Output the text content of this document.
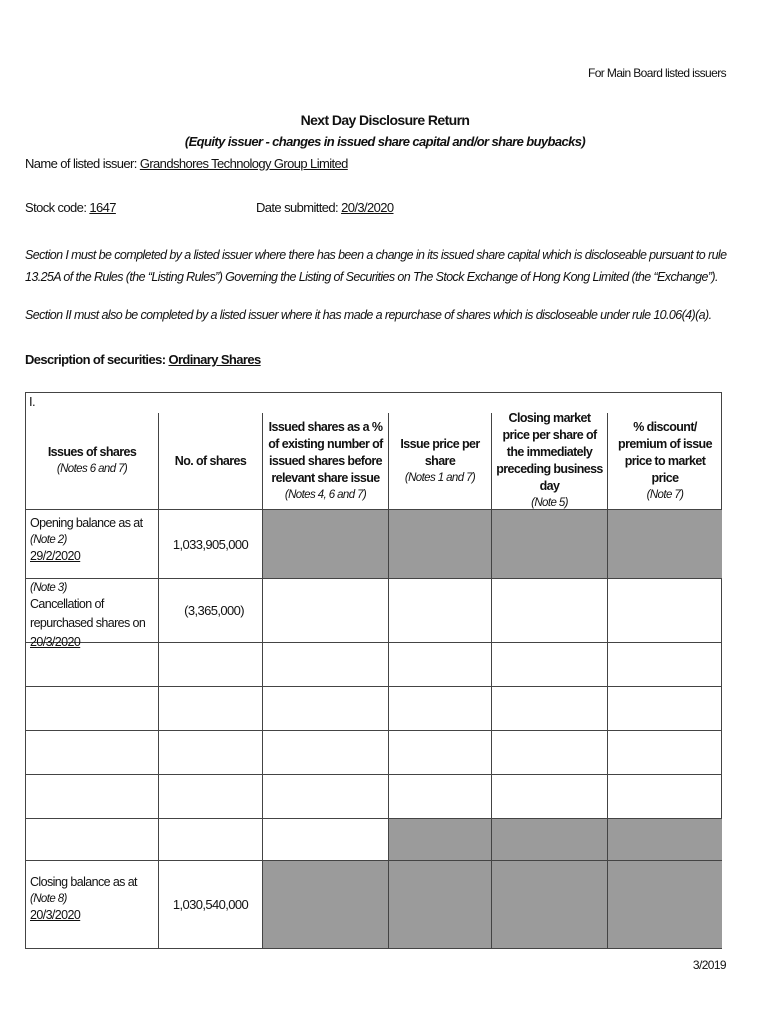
For Main Board listed issuers
Next Day Disclosure Return
(Equity issuer - changes in issued share capital and/or share buybacks)
Name of listed issuer: Grandshores Technology Group Limited
Stock code: 1647	Date submitted: 20/3/2020
Section I must be completed by a listed issuer where there has been a change in its issued share capital which is discloseable pursuant to rule 13.25A of the Rules (the “Listing Rules”) Governing the Listing of Securities on The Stock Exchange of Hong Kong Limited (the “Exchange”).
Section II must also be completed by a listed issuer where it has made a repurchase of shares which is discloseable under rule 10.06(4)(a).
Description of securities: Ordinary Shares
I.
Issues of shares
(Notes 6 and 7)
No. of shares
Issued shares as a % of existing number of issued shares before relevant share issue
(Notes 4, 6 and 7)
Issue price per share
(Notes 1 and 7)
Closing market price per share of the immediately preceding business day
(Note 5)
% discount/ premium of issue price to market price
(Note 7)
Opening balance as at
(Note 2)
29/2/2020
1,033,905,000
(Note 3)
Cancellation of repurchased shares on 20/3/2020
(3,365,000)
Closing balance as at
(Note 8)
20/3/2020
1,030,540,000
3/2019
